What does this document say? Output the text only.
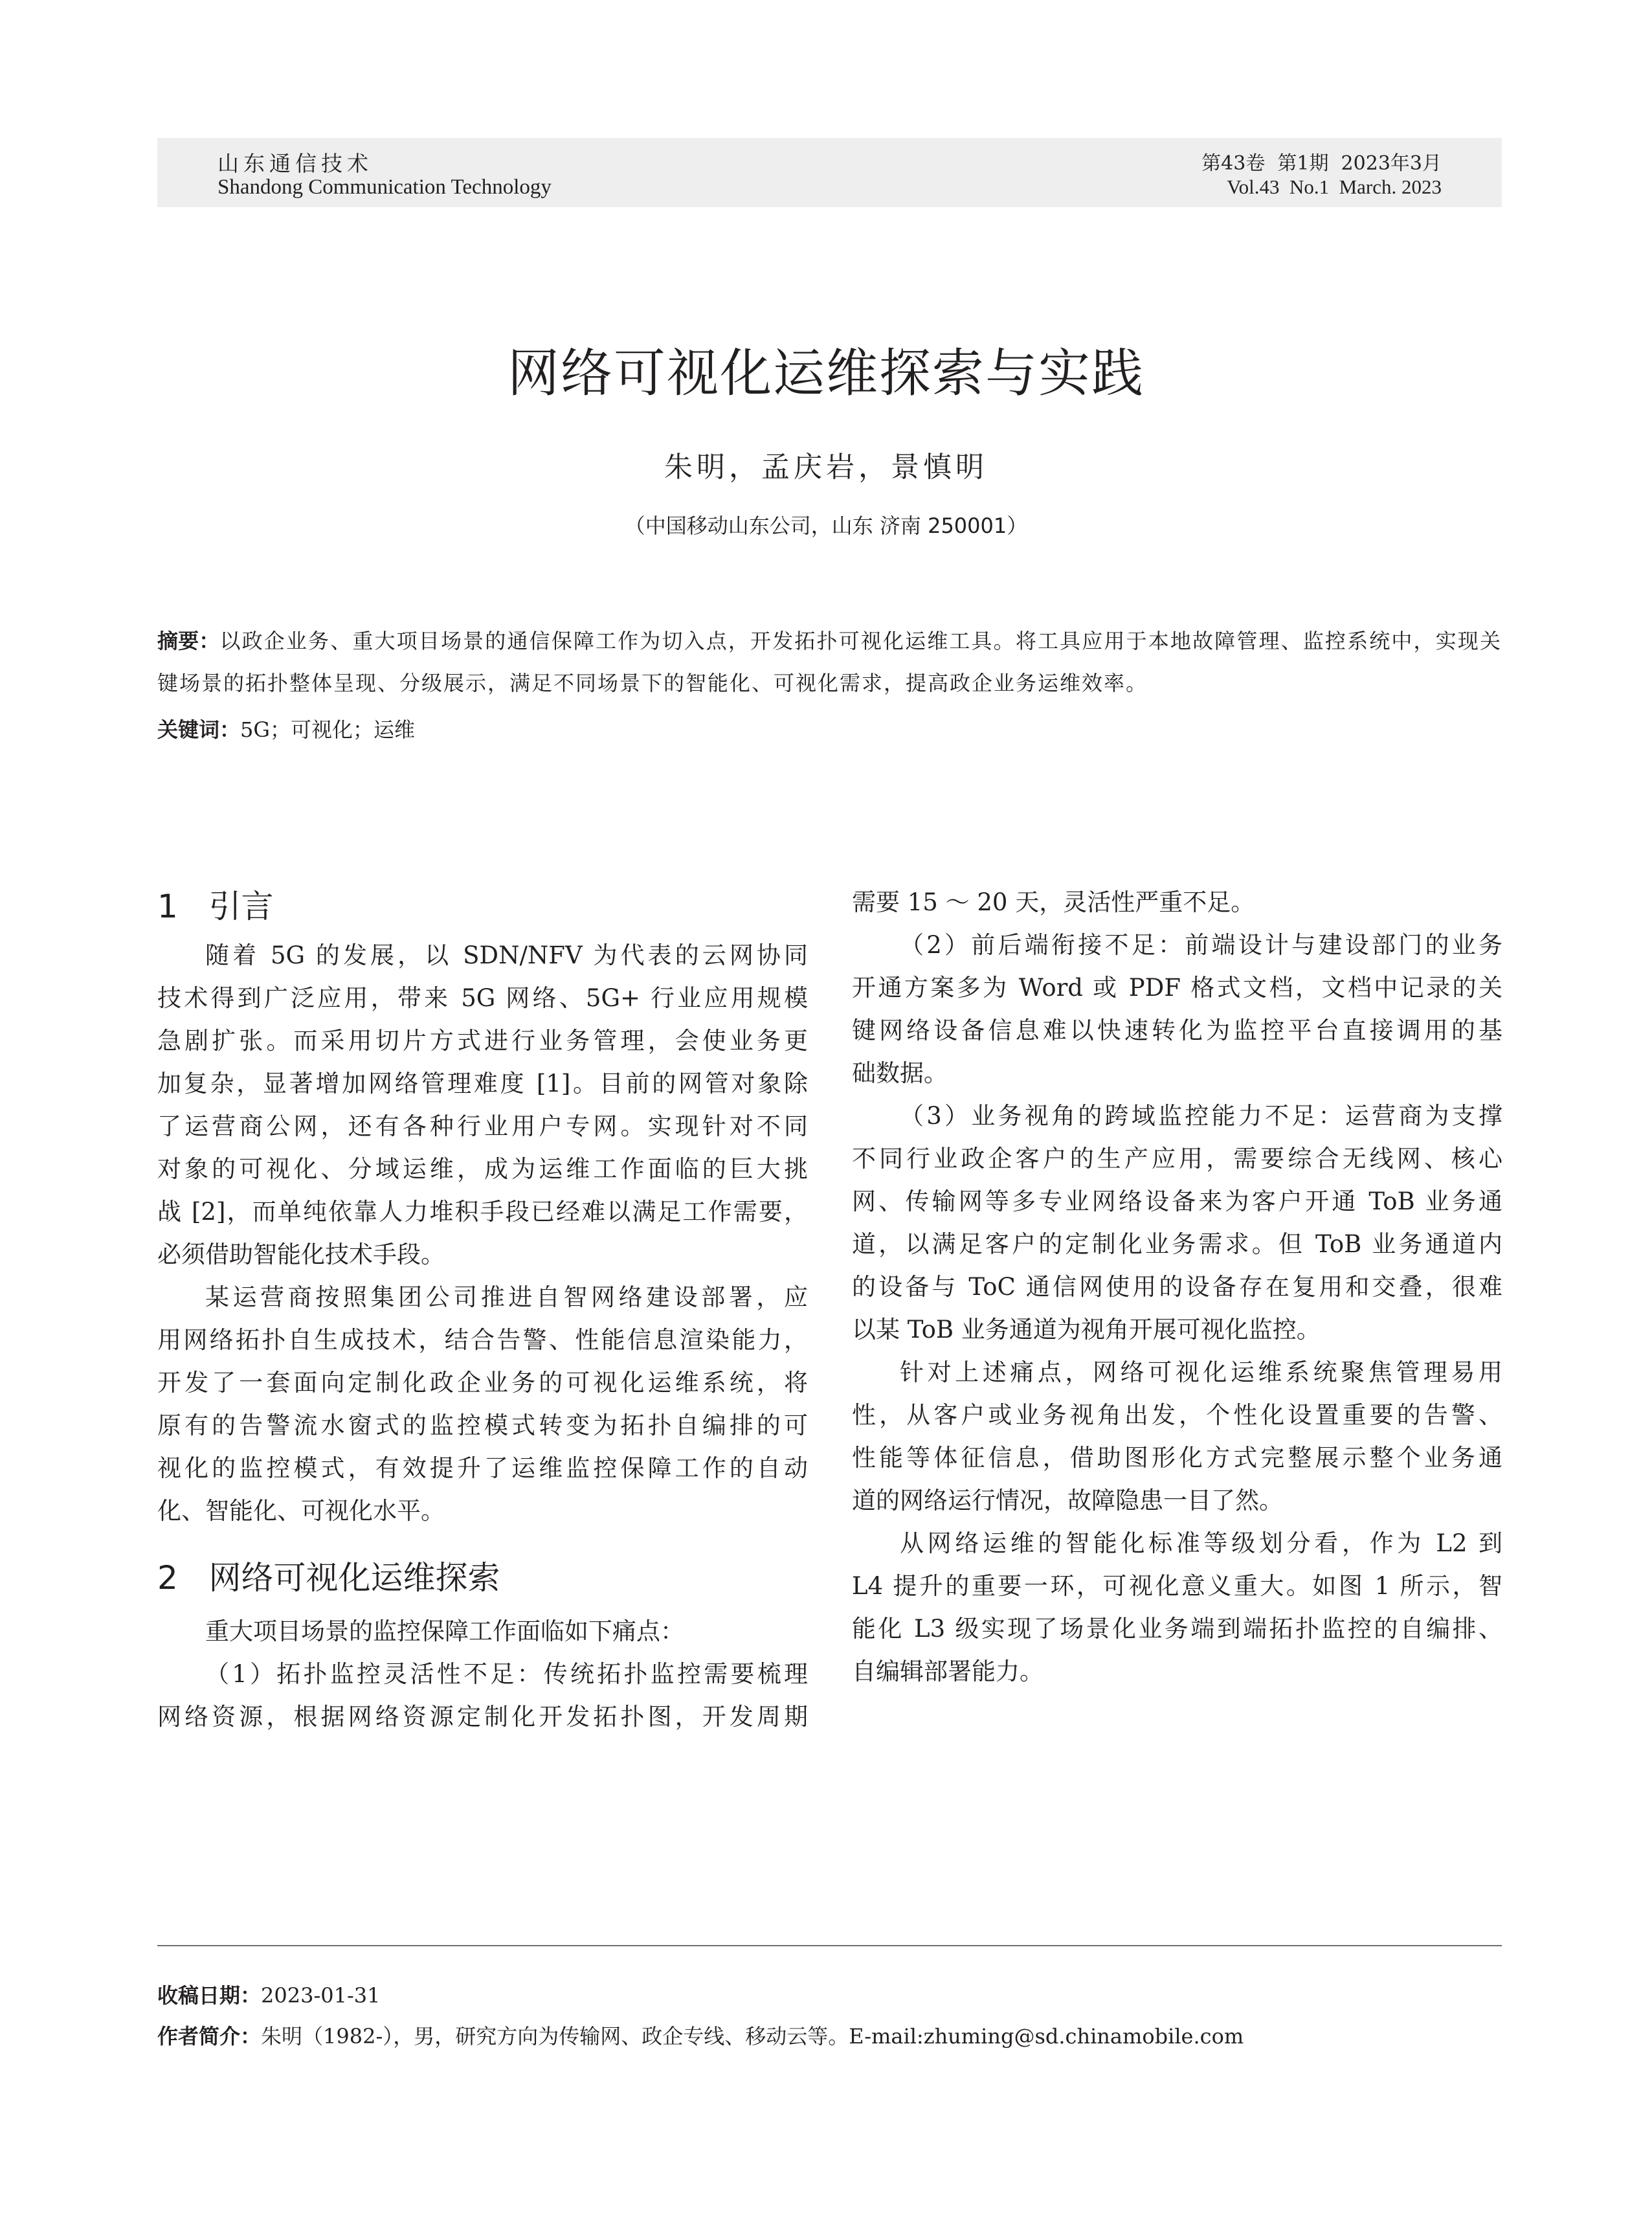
山东通信技术
Shandong Communication Technology
第43卷  第1期  2023年3月
Vol.43  No.1  March. 2023
网络可视化运维探索与实践
朱明，孟庆岩，景慎明
（中国移动山东公司，山东 济南 250001）
摘要：以政企业务、重大项目场景的通信保障工作为切入点，开发拓扑可视化运维工具。将工具应用于本地故障管理、监控系统中，实现关键场景的拓扑整体呈现、分级展示，满足不同场景下的智能化、可视化需求，提高政企业务运维效率。
关键词：5G；可视化；运维
1   引言
随着 5G 的发展，以 SDN/NFV 为代表的云网协同
技术得到广泛应用，带来 5G 网络、5G+ 行业应用规模
急剧扩张。而采用切片方式进行业务管理，会使业务更
加复杂，显著增加网络管理难度 [1]。目前的网管对象除
了运营商公网，还有各种行业用户专网。实现针对不同
对象的可视化、分域运维，成为运维工作面临的巨大挑
战 [2]，而单纯依靠人力堆积手段已经难以满足工作需要，
必须借助智能化技术手段。
某运营商按照集团公司推进自智网络建设部署，应
用网络拓扑自生成技术，结合告警、性能信息渲染能力，
开发了一套面向定制化政企业务的可视化运维系统，将
原有的告警流水窗式的监控模式转变为拓扑自编排的可
视化的监控模式，有效提升了运维监控保障工作的自动
化、智能化、可视化水平。
2   网络可视化运维探索
重大项目场景的监控保障工作面临如下痛点：
（1）拓扑监控灵活性不足：传统拓扑监控需要梳理
网络资源，根据网络资源定制化开发拓扑图，开发周期
需要 15 ～ 20 天，灵活性严重不足。
（2）前后端衔接不足：前端设计与建设部门的业务
开通方案多为 Word 或 PDF 格式文档，文档中记录的关
键网络设备信息难以快速转化为监控平台直接调用的基
础数据。
（3）业务视角的跨域监控能力不足：运营商为支撑
不同行业政企客户的生产应用，需要综合无线网、核心
网、传输网等多专业网络设备来为客户开通 ToB 业务通
道，以满足客户的定制化业务需求。但 ToB 业务通道内
的设备与 ToC 通信网使用的设备存在复用和交叠，很难
以某 ToB 业务通道为视角开展可视化监控。
针对上述痛点，网络可视化运维系统聚焦管理易用
性，从客户或业务视角出发，个性化设置重要的告警、
性能等体征信息，借助图形化方式完整展示整个业务通
道的网络运行情况，故障隐患一目了然。
从网络运维的智能化标准等级划分看，作为 L2 到
L4 提升的重要一环，可视化意义重大。如图 1 所示，智
能化 L3 级实现了场景化业务端到端拓扑监控的自编排、
自编辑部署能力。
收稿日期：2023-01-31
作者简介：朱明（1982-），男，研究方向为传输网、政企专线、移动云等。E-mail:zhuming@sd.chinamobile.com
